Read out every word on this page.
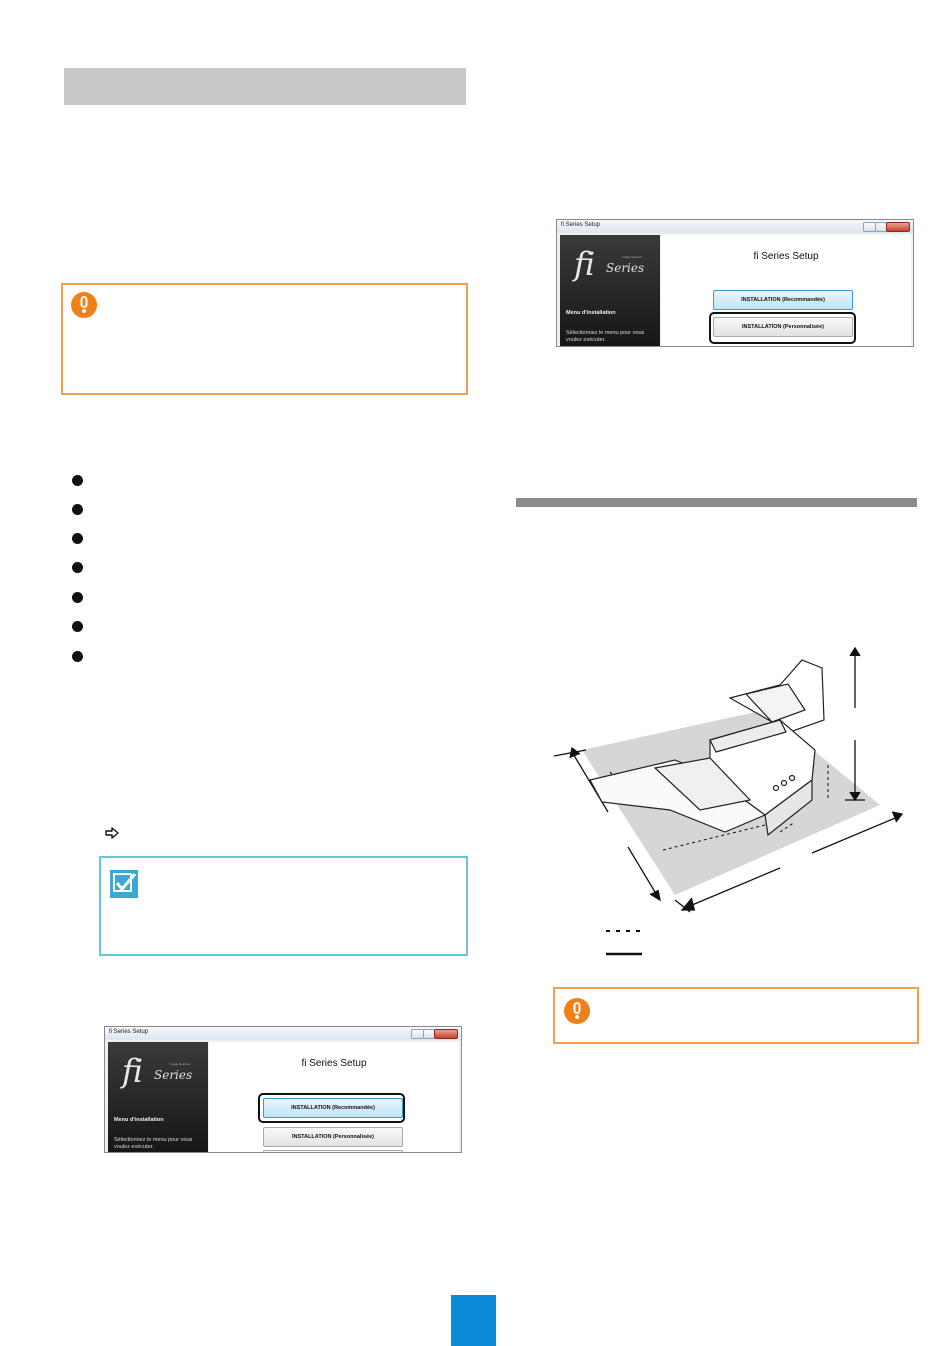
fi Series Setup
fi Series
Image Scanner
Menu d'installation
Sélectionnez le menu pour vous
voulez exécuter.
fi Series Setup
INSTALLATION (Recommandée)
INSTALLATION (Personnalisée)
fi Series Setup
fi Series
Image Scanner
Menu d'installation
Sélectionnez le menu pour vous
voulez exécuter.
fi Series Setup
INSTALLATION (Recommandée)
INSTALLATION (Personnalisée)
